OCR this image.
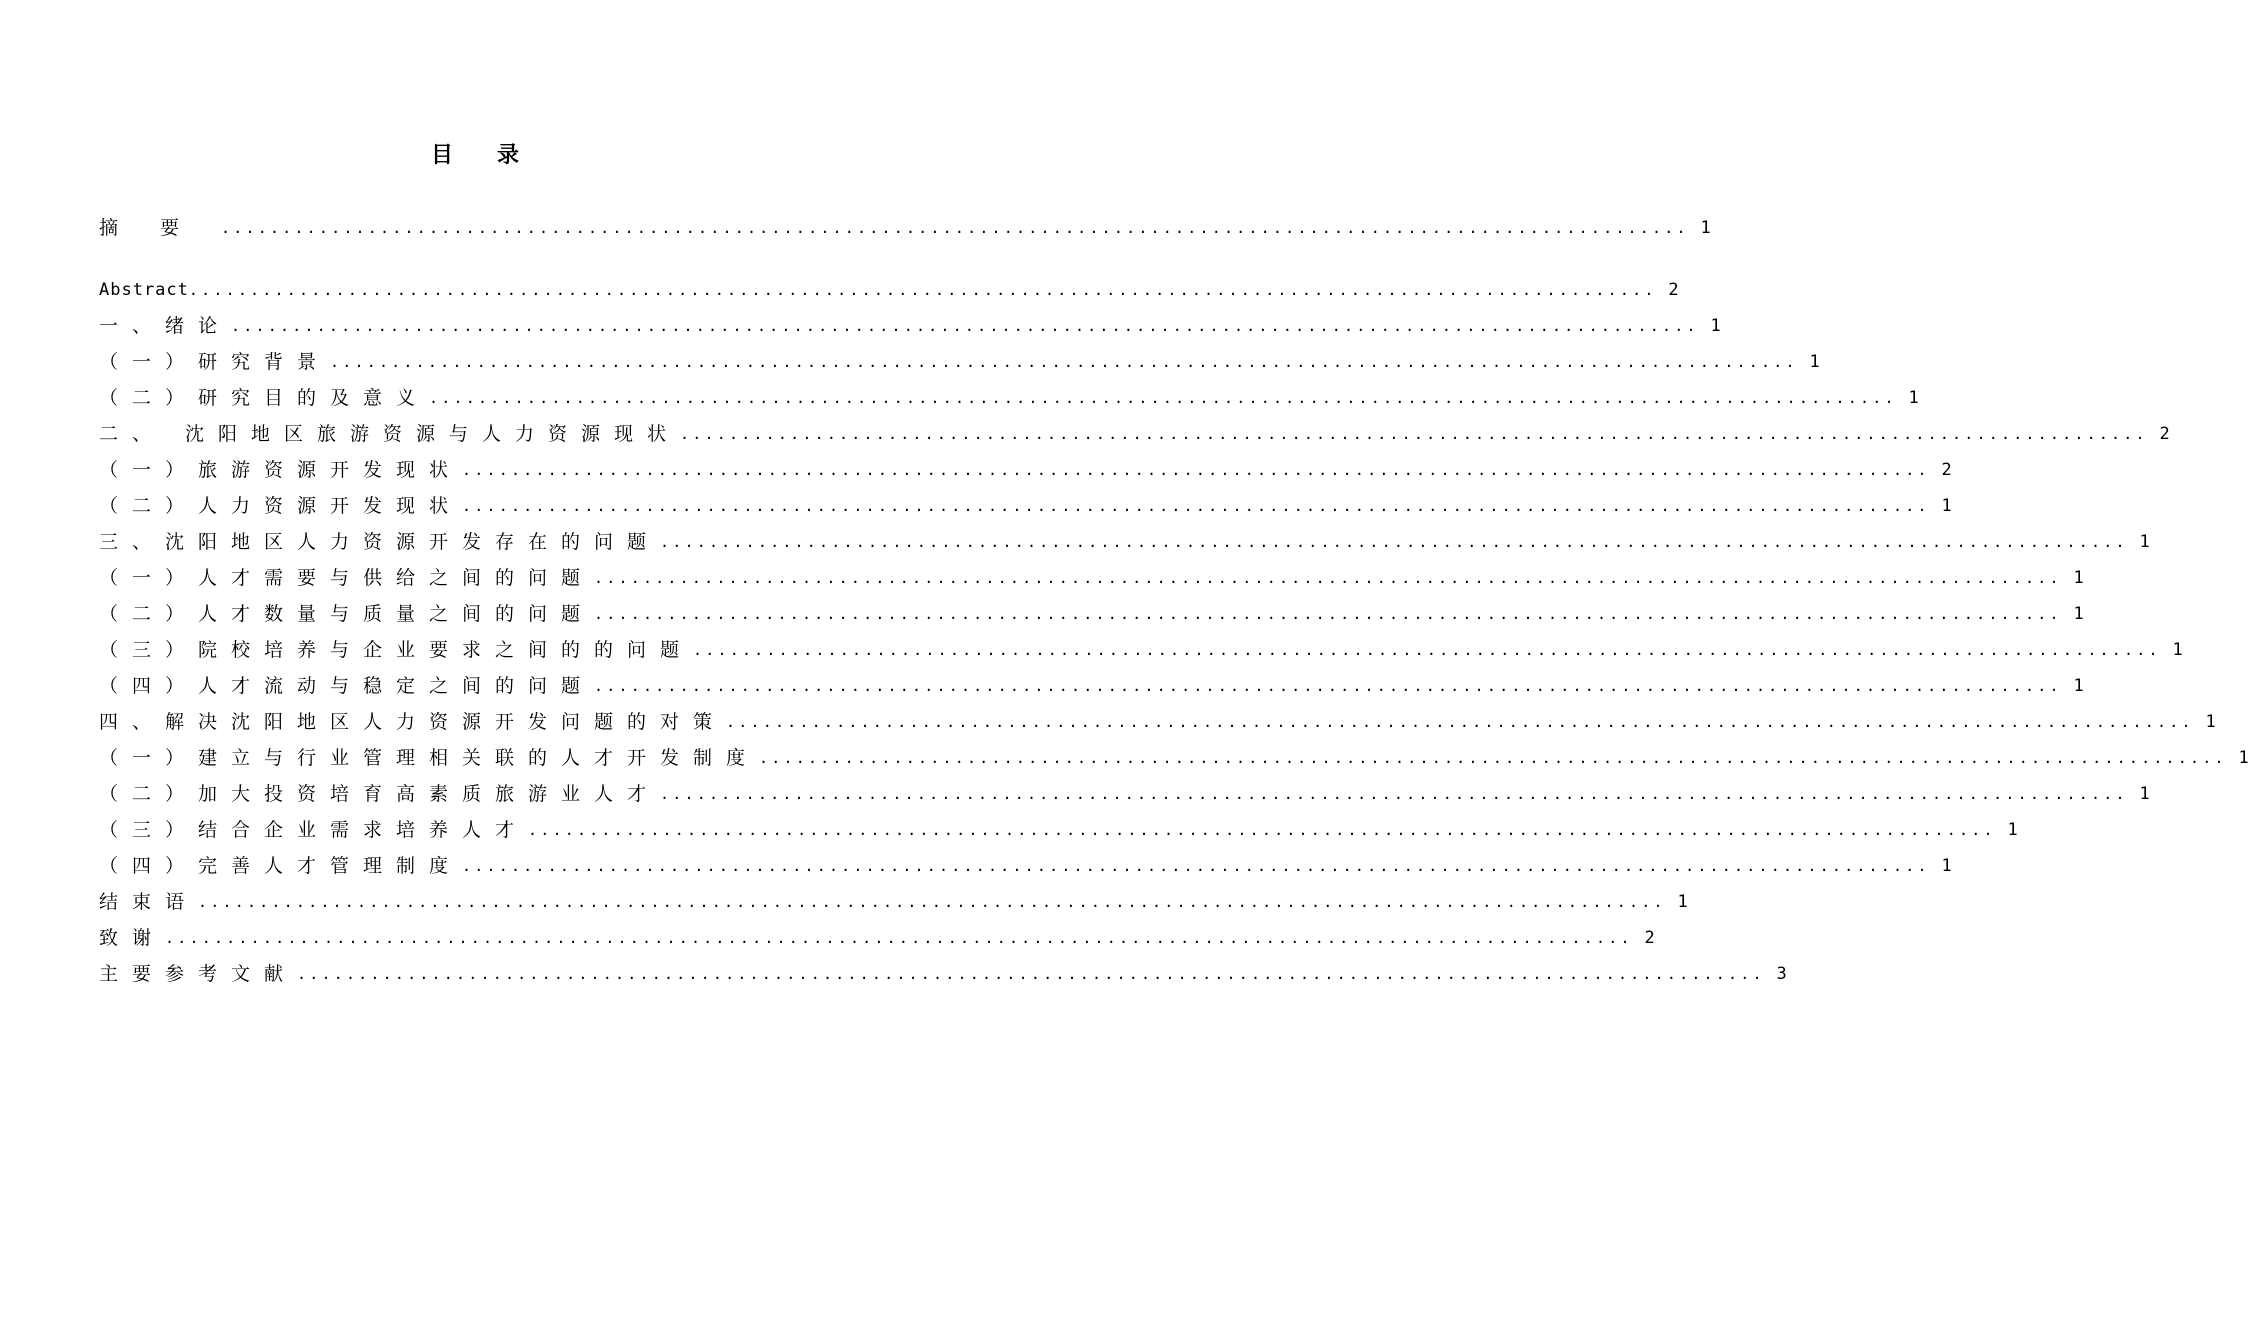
目录
摘要 ........................................................................................................................ 1
Abstract ........................................................................................................................ 2
一、绪论 ........................................................................................................................ 1
（一）研究背景 ........................................................................................................................ 1
（二）研究目的及意义 ........................................................................................................................ 1
二、 沈阳地区旅游资源与人力资源现状 ........................................................................................................................ 2
（一）旅游资源开发现状 ........................................................................................................................ 2
（二）人力资源开发现状 ........................................................................................................................ 1
三、沈阳地区人力资源开发存在的问题 ........................................................................................................................ 1
（一）人才需要与供给之间的问题 ........................................................................................................................ 1
（二）人才数量与质量之间的问题 ........................................................................................................................ 1
（三）院校培养与企业要求之间的的问题 ........................................................................................................................ 1
（四）人才流动与稳定之间的问题 ........................................................................................................................ 1
四、解决沈阳地区人力资源开发问题的对策 ........................................................................................................................ 1
（一）建立与行业管理相关联的人才开发制度 ........................................................................................................................ 1
（二）加大投资培育高素质旅游业人才 ........................................................................................................................ 1
（三）结合企业需求培养人才 ........................................................................................................................ 1
（四）完善人才管理制度 ........................................................................................................................ 1
结束语 ........................................................................................................................ 1
致谢 ........................................................................................................................ 2
主要参考文献 ........................................................................................................................ 3
